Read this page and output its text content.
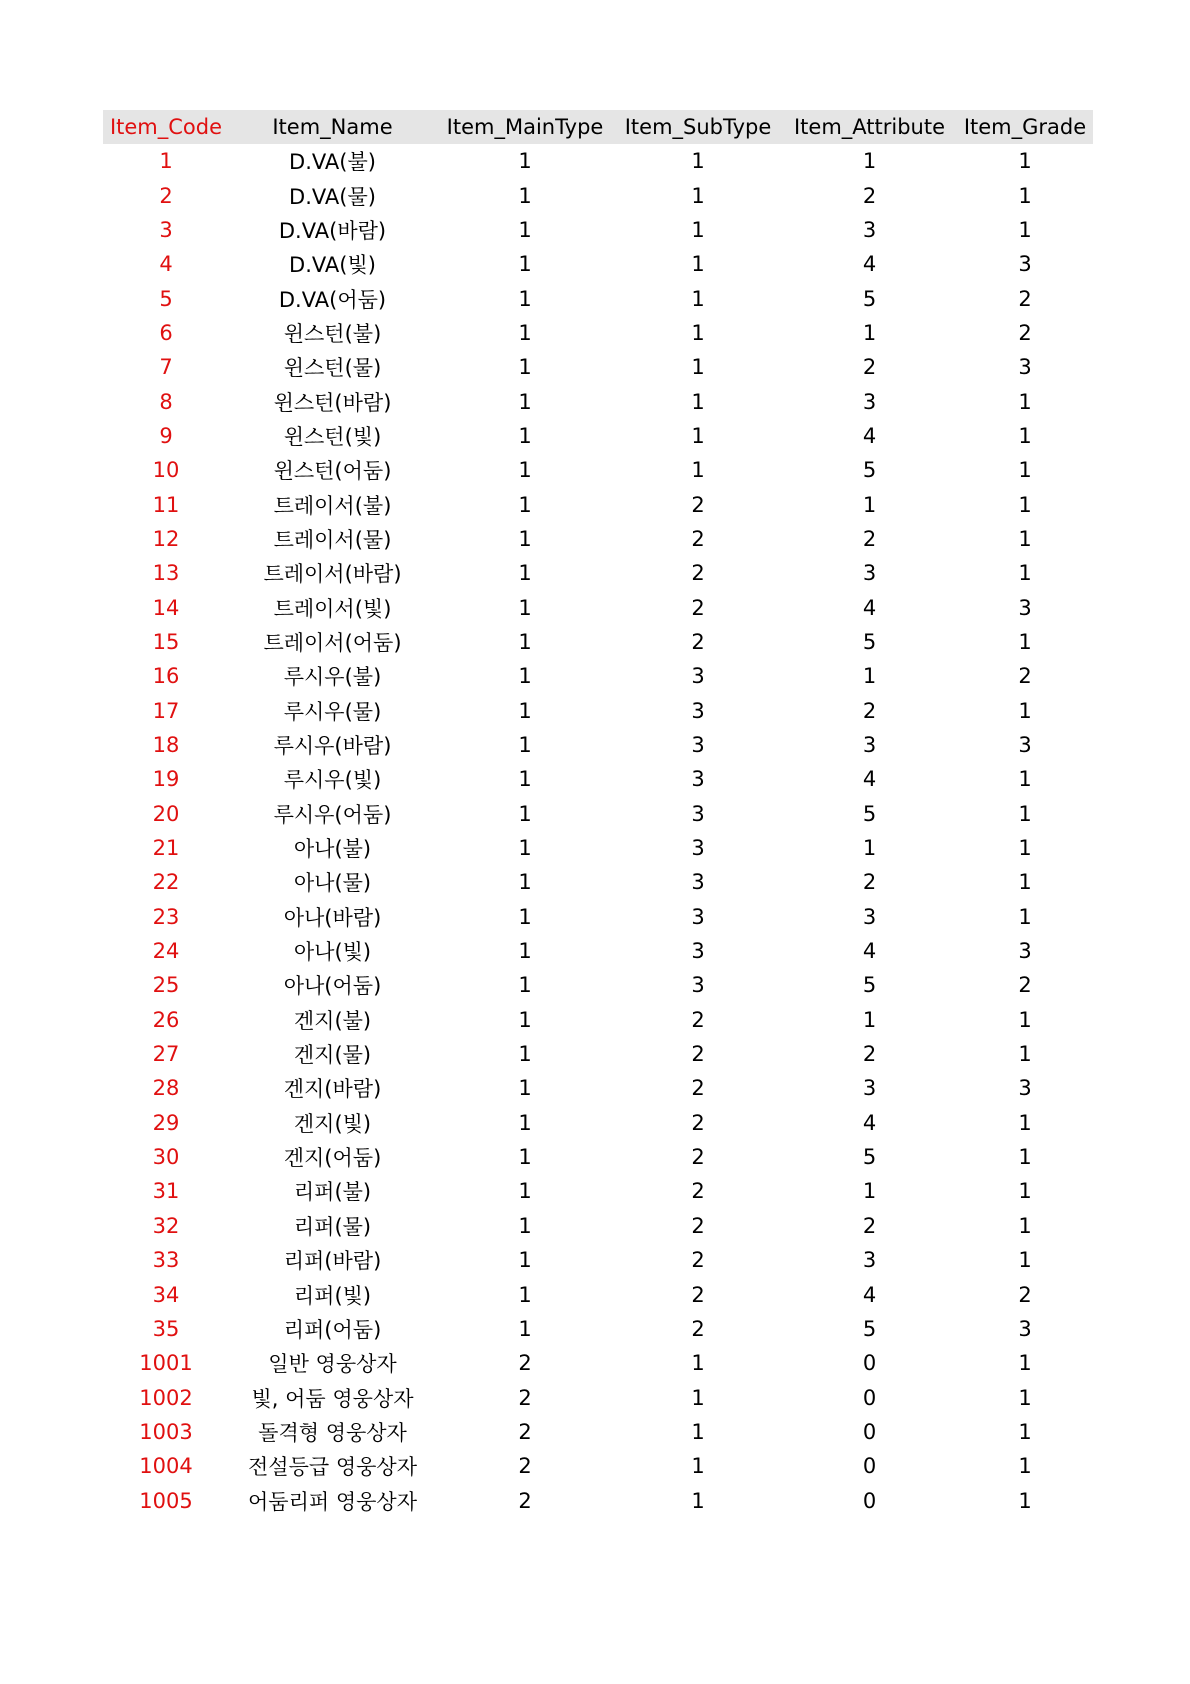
Item_Code	Item_Name	Item_MainType	Item_SubType	Item_Attribute	Item_Grade
1	D.VA(불)	1	1	1	1
2	D.VA(물)	1	1	2	1
3	D.VA(바람)	1	1	3	1
4	D.VA(빛)	1	1	4	3
5	D.VA(어둠)	1	1	5	2
6	윈스턴(불)	1	1	1	2
7	윈스턴(물)	1	1	2	3
8	윈스턴(바람)	1	1	3	1
9	윈스턴(빛)	1	1	4	1
10	윈스턴(어둠)	1	1	5	1
11	트레이서(불)	1	2	1	1
12	트레이서(물)	1	2	2	1
13	트레이서(바람)	1	2	3	1
14	트레이서(빛)	1	2	4	3
15	트레이서(어둠)	1	2	5	1
16	루시우(불)	1	3	1	2
17	루시우(물)	1	3	2	1
18	루시우(바람)	1	3	3	3
19	루시우(빛)	1	3	4	1
20	루시우(어둠)	1	3	5	1
21	아나(불)	1	3	1	1
22	아나(물)	1	3	2	1
23	아나(바람)	1	3	3	1
24	아나(빛)	1	3	4	3
25	아나(어둠)	1	3	5	2
26	겐지(불)	1	2	1	1
27	겐지(물)	1	2	2	1
28	겐지(바람)	1	2	3	3
29	겐지(빛)	1	2	4	1
30	겐지(어둠)	1	2	5	1
31	리퍼(불)	1	2	1	1
32	리퍼(물)	1	2	2	1
33	리퍼(바람)	1	2	3	1
34	리퍼(빛)	1	2	4	2
35	리퍼(어둠)	1	2	5	3
1001	일반 영웅상자	2	1	0	1
1002	빛, 어둠 영웅상자	2	1	0	1
1003	돌격형 영웅상자	2	1	0	1
1004	전설등급 영웅상자	2	1	0	1
1005	어둠리퍼 영웅상자	2	1	0	1
